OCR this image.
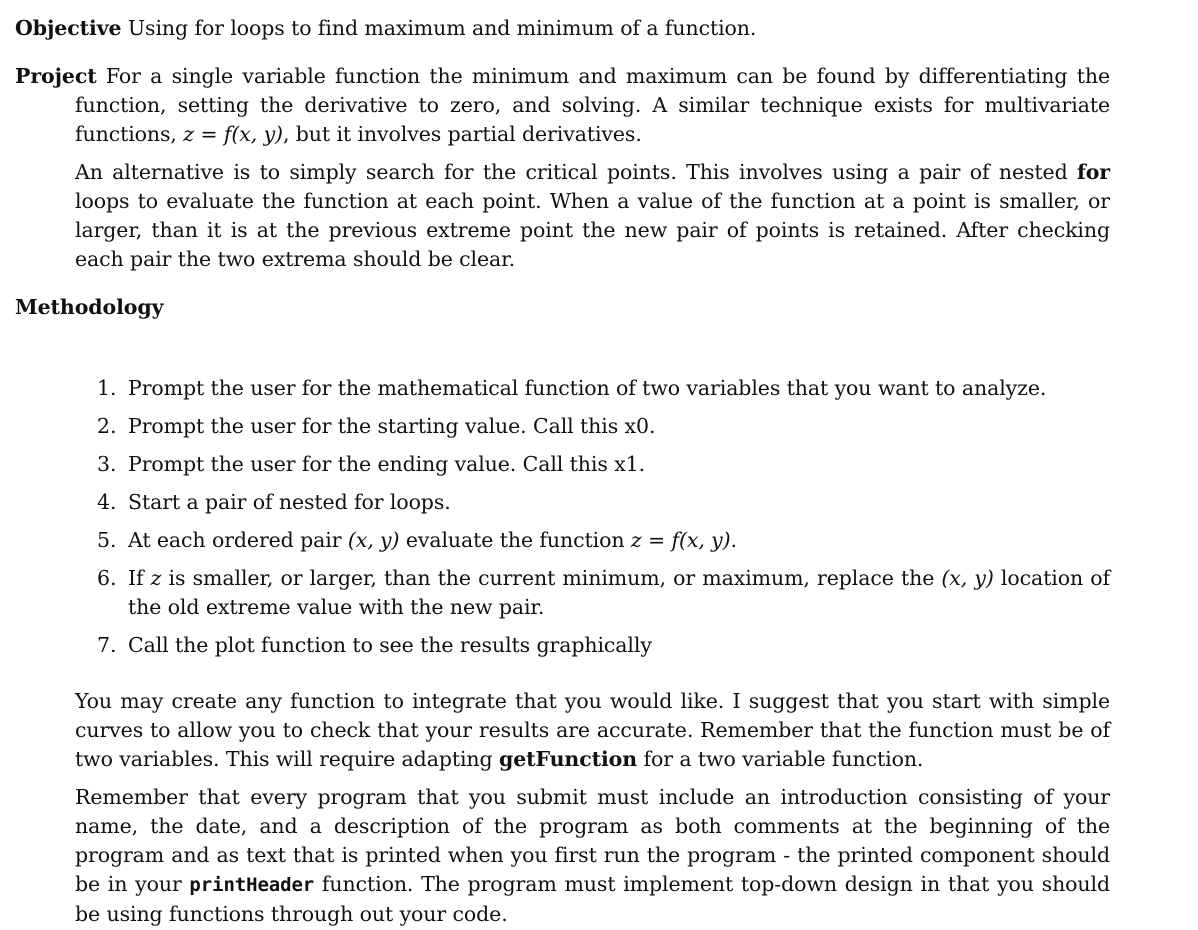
Objective Using for loops to find maximum and minimum of a function.
Project For a single variable function the minimum and maximum can be found by differentiating the function, setting the derivative to zero, and solving. A similar technique exists for multivariate functions, z = f(x, y), but it involves partial derivatives.
An alternative is to simply search for the critical points. This involves using a pair of nested for loops to evaluate the function at each point. When a value of the function at a point is smaller, or larger, than it is at the previous extreme point the new pair of points is retained. After checking each pair the two extrema should be clear.
Methodology
1. Prompt the user for the mathematical function of two variables that you want to analyze.
2. Prompt the user for the starting value. Call this x0.
3. Prompt the user for the ending value. Call this x1.
4. Start a pair of nested for loops.
5. At each ordered pair (x, y) evaluate the function z = f(x, y).
6. If z is smaller, or larger, than the current minimum, or maximum, replace the (x, y) location of the old extreme value with the new pair.
7. Call the plot function to see the results graphically
You may create any function to integrate that you would like. I suggest that you start with simple curves to allow you to check that your results are accurate. Remember that the function must be of two variables. This will require adapting getFunction for a two variable function.
Remember that every program that you submit must include an introduction consisting of your name, the date, and a description of the program as both comments at the beginning of the program and as text that is printed when you first run the program - the printed component should be in your printHeader function. The program must implement top-down design in that you should be using functions through out your code.
